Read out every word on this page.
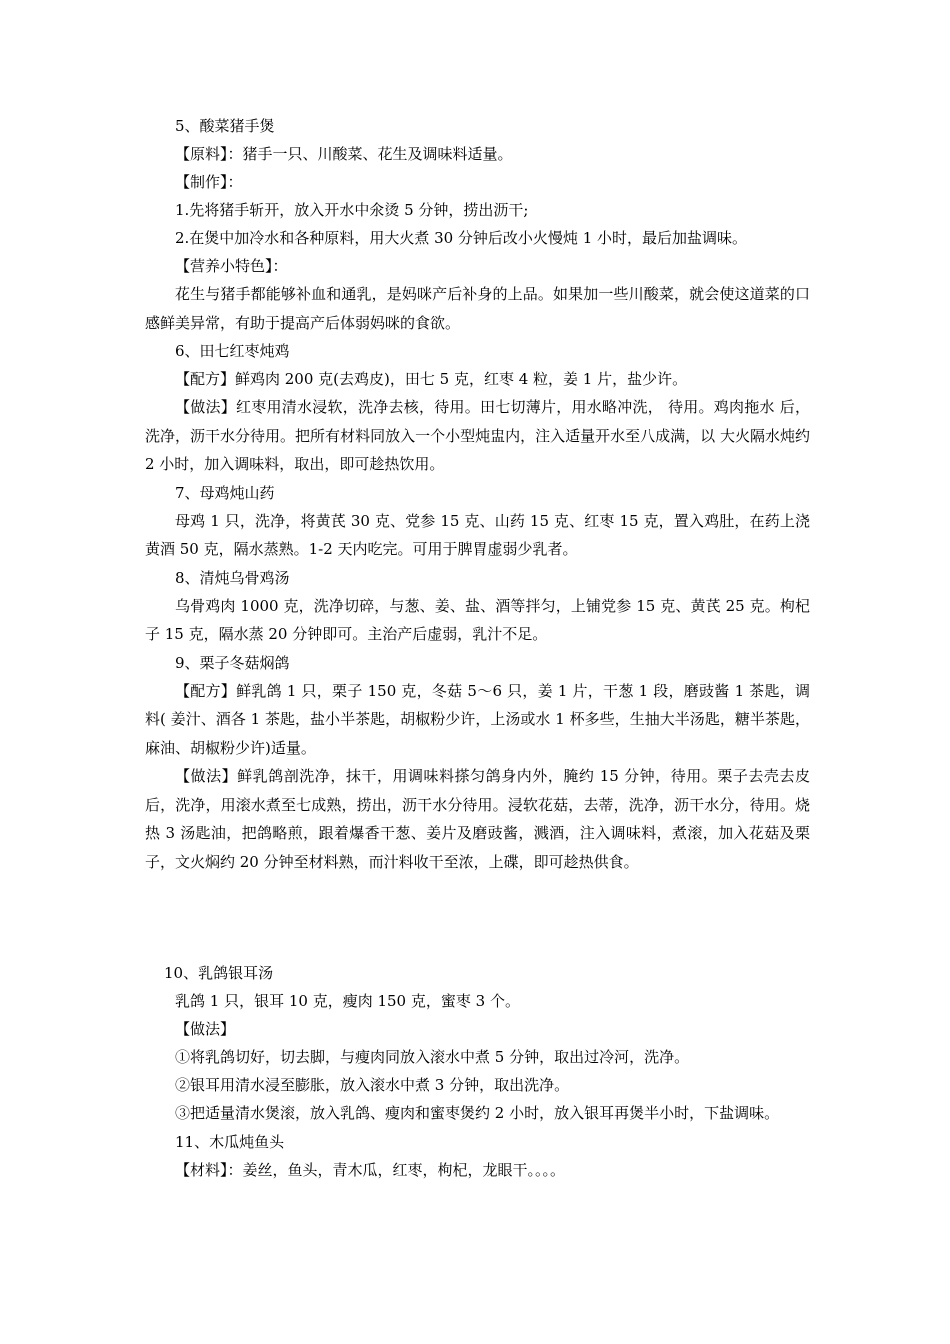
5、酸菜猪手煲

【原料】：猪手一只、川酸菜、花生及调味料适量。

【制作】：

1.先将猪手斩开，放入开水中氽烫 5 分钟，捞出沥干;

2.在煲中加冷水和各种原料，用大火煮 30 分钟后改小火慢炖 1 小时，最后加盐调味。

【营养小特色】：

花生与猪手都能够补血和通乳，是妈咪产后补身的上品。如果加一些川酸菜，就会使这道菜的口感鲜美异常，有助于提高产后体弱妈咪的食欲。

6、田七红枣炖鸡

【配方】鲜鸡肉 200 克(去鸡皮)，田七 5 克，红枣 4 粒，姜 1 片，盐少许。

【做法】红枣用清水浸软，洗净去核，待用。田七切薄片，用水略冲洗， 待用。鸡肉拖水 后，洗净，沥干水分待用。把所有材料同放入一个小型炖盅内，注入适量开水至八成满，以 大火隔水炖约 2 小时，加入调味料，取出，即可趁热饮用。

7、母鸡炖山药

母鸡 1 只，洗净，将黄芪 30 克、党参 15 克、山药 15 克、红枣 15 克，置入鸡肚，在药上浇黄酒 50 克，隔水蒸熟。1-2 天内吃完。可用于脾胃虚弱少乳者。

8、清炖乌骨鸡汤

乌骨鸡肉 1000 克，洗净切碎，与葱、姜、盐、酒等拌匀，上铺党参 15 克、黄芪 25 克。枸杞子 15 克，隔水蒸 20 分钟即可。主治产后虚弱，乳汁不足。

9、栗子冬菇焖鸽

【配方】鲜乳鸽 1 只，栗子 150 克，冬菇 5～6 只，姜 1 片，干葱 1 段，磨豉酱 1 茶匙，调料( 姜汁、酒各 1 茶匙，盐小半茶匙，胡椒粉少许，上汤或水 1 杯多些，生抽大半汤匙，糖半茶匙，麻油、胡椒粉少许)适量。

【做法】鲜乳鸽剖洗净，抹干，用调味料搽匀鸽身内外，腌约 15 分钟，待用。栗子去壳去皮后，洗净，用滚水煮至七成熟，捞出，沥干水分待用。浸软花菇，去蒂，洗净，沥干水分，待用。烧热 3 汤匙油，把鸽略煎，跟着爆香干葱、姜片及磨豉酱，溅酒，注入调味料，煮滚，加入花菇及栗子，文火焖约 20 分钟至材料熟，而汁料收干至浓，上碟，即可趁热供食。

10、乳鸽银耳汤

乳鸽 1 只，银耳 10 克，瘦肉 150 克，蜜枣 3 个。

【做法】

①将乳鸽切好，切去脚，与瘦肉同放入滚水中煮 5 分钟，取出过冷河，洗净。

②银耳用清水浸至膨胀，放入滚水中煮 3 分钟，取出洗净。

③把适量清水煲滚，放入乳鸽、瘦肉和蜜枣煲约 2 小时，放入银耳再煲半小时，下盐调味。

11、木瓜炖鱼头

【材料】：姜丝，鱼头，青木瓜，红枣，枸杞，龙眼干。。。。
